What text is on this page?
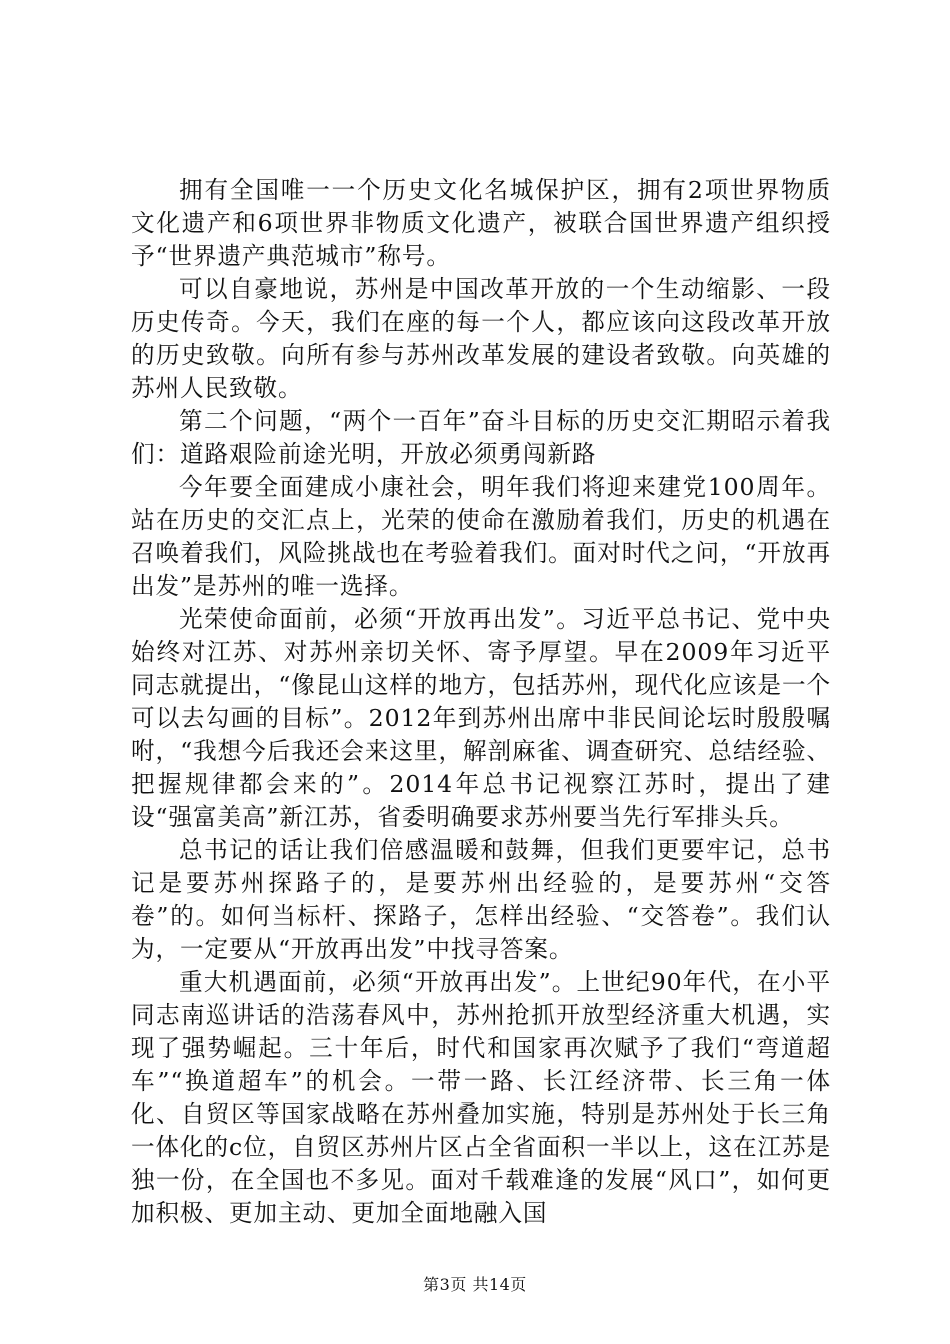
拥有全国唯一一个历史文化名城保护区，拥有2项世界物质文化遗产和6项世界非物质文化遗产，被联合国世界遗产组织授予“世界遗产典范城市”称号。

可以自豪地说，苏州是中国改革开放的一个生动缩影、一段历史传奇。今天，我们在座的每一个人，都应该向这段改革开放的历史致敬。向所有参与苏州改革发展的建设者致敬。向英雄的苏州人民致敬。

第二个问题，“两个一百年”奋斗目标的历史交汇期昭示着我们：道路艰险前途光明，开放必须勇闯新路

今年要全面建成小康社会，明年我们将迎来建党100周年。站在历史的交汇点上，光荣的使命在激励着我们，历史的机遇在召唤着我们，风险挑战也在考验着我们。面对时代之问，“开放再出发”是苏州的唯一选择。

光荣使命面前，必须“开放再出发”。习近平总书记、党中央始终对江苏、对苏州亲切关怀、寄予厚望。早在2009年习近平同志就提出，“像昆山这样的地方，包括苏州，现代化应该是一个可以去勾画的目标”。2012年到苏州出席中非民间论坛时殷殷嘱咐，“我想今后我还会来这里，解剖麻雀、调查研究、总结经验、把握规律都会来的”。2014年总书记视察江苏时，提出了建设“强富美高”新江苏，省委明确要求苏州要当先行军排头兵。

总书记的话让我们倍感温暖和鼓舞，但我们更要牢记，总书记是要苏州探路子的，是要苏州出经验的，是要苏州“交答卷”的。如何当标杆、探路子，怎样出经验、“交答卷”。我们认为，一定要从“开放再出发”中找寻答案。

重大机遇面前，必须“开放再出发”。上世纪90年代，在小平同志南巡讲话的浩荡春风中，苏州抢抓开放型经济重大机遇，实现了强势崛起。三十年后，时代和国家再次赋予了我们“弯道超车”“换道超车”的机会。一带一路、长江经济带、长三角一体化、自贸区等国家战略在苏州叠加实施，特别是苏州处于长三角一体化的c位，自贸区苏州片区占全省面积一半以上，这在江苏是独一份，在全国也不多见。面对千载难逢的发展“风口”，如何更加积极、更加主动、更加全面地融入国

第3页 共14页
